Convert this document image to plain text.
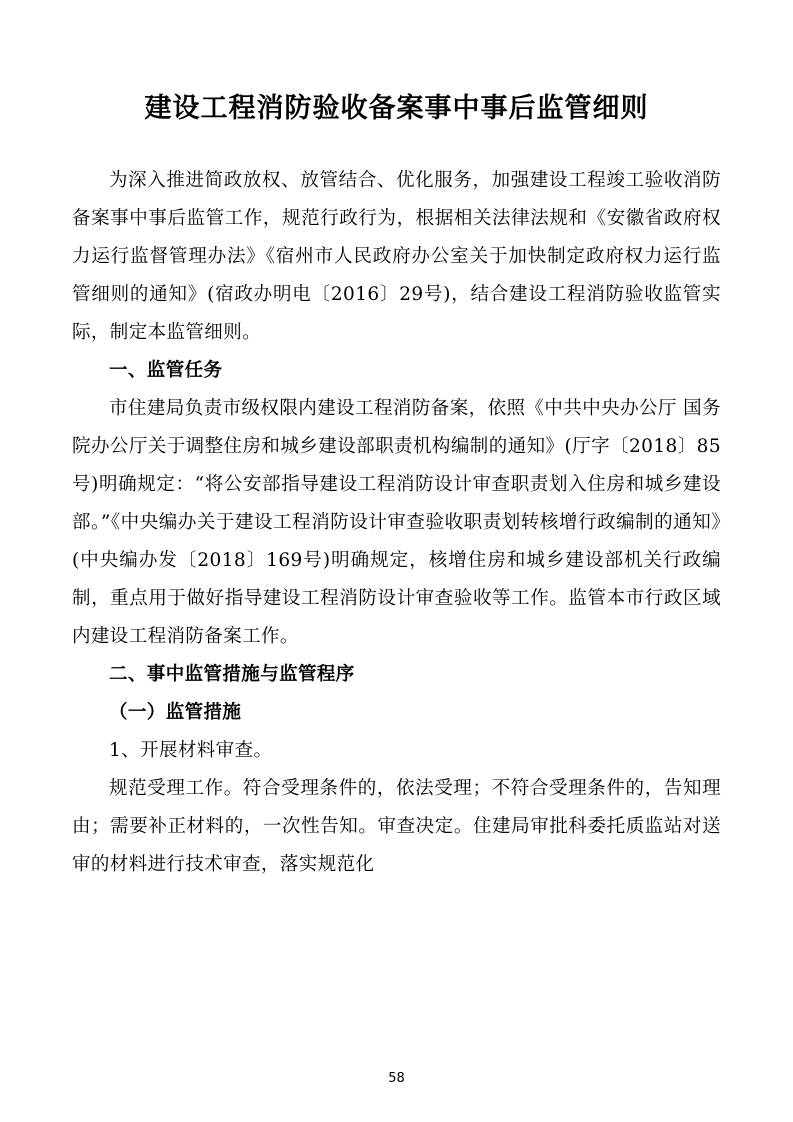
建设工程消防验收备案事中事后监管细则

为深入推进简政放权、放管结合、优化服务，加强建设工程竣工验收消防备案事中事后监管工作，规范行政行为，根据相关法律法规和《安徽省政府权力运行监督管理办法》《宿州市人民政府办公室关于加快制定政府权力运行监管细则的通知》(宿政办明电〔2016〕29号)，结合建设工程消防验收监管实际，制定本监管细则。

一、监管任务

市住建局负责市级权限内建设工程消防备案，依照《中共中央办公厅 国务院办公厅关于调整住房和城乡建设部职责机构编制的通知》(厅字〔2018〕85号)明确规定：“将公安部指导建设工程消防设计审查职责划入住房和城乡建设部。”《中央编办关于建设工程消防设计审查验收职责划转核增行政编制的通知》(中央编办发〔2018〕169号)明确规定，核增住房和城乡建设部机关行政编制，重点用于做好指导建设工程消防设计审查验收等工作。监管本市行政区域内建设工程消防备案工作。

二、事中监管措施与监管程序

（一）监管措施

1、开展材料审查。

规范受理工作。符合受理条件的，依法受理；不符合受理条件的，告知理由；需要补正材料的，一次性告知。审查决定。住建局审批科委托质监站对送审的材料进行技术审查，落实规范化

58
